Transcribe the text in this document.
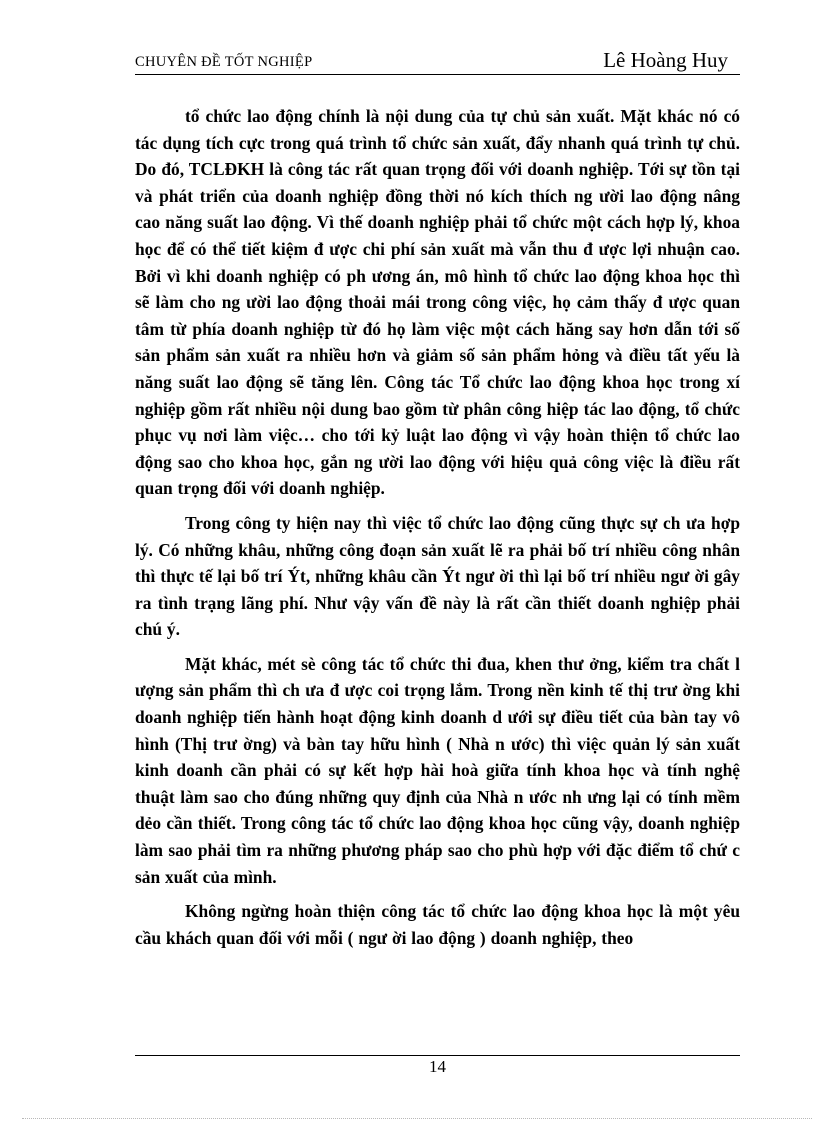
CHUYÊN ĐỀ TỐT NGHIỆP	Lê Hoàng Huy

tổ chức lao động chính là nội dung của tự chủ sản xuất. Mặt khác nó có tác dụng tích cực trong quá trình tổ chức sản xuất, đẩy nhanh quá trình tự chủ. Do đó, TCLĐKH là công tác rất quan trọng đối với doanh nghiệp. Tới sự tồn tại và phát triển của doanh nghiệp đồng thời nó kích thích ng ười lao động nâng cao năng suất lao động. Vì thế doanh nghiệp phải tổ chức một cách hợp lý, khoa học để có thể tiết kiệm đ ược chi phí sản xuất mà vẫn thu đ ược lợi nhuận cao. Bởi vì khi doanh nghiệp có ph ương án, mô hình tổ chức lao động khoa học thì sẽ làm cho ng ười lao động thoải mái trong công việc, họ cảm thấy đ ược quan tâm từ phía doanh nghiệp từ đó họ làm việc một cách hăng say hơn dẫn tới số sản phẩm sản xuất ra nhiều hơn và giảm số sản phẩm hỏng và điều tất yếu là năng suất lao động sẽ tăng lên. Công tác Tổ chức lao động khoa học trong xí nghiệp gồm rất nhiều nội dung bao gồm từ phân công hiệp tác lao động, tổ chức phục vụ nơi làm việc… cho tới kỷ luật lao động vì vậy hoàn thiện tổ chức lao động sao cho khoa học, gắn ng ười lao động với hiệu quả công việc là điều rất quan trọng đối với doanh nghiệp.

Trong công ty hiện nay thì việc tổ chức lao động cũng thực sự ch ưa hợp lý. Có những khâu, những công đoạn sản xuất lẽ ra phải bố trí nhiều công nhân thì thực tế lại bố trí Ýt, những khâu cần Ýt ngư ời thì lại bố trí nhiều ngư ời gây ra tình trạng lãng phí. Như vậy vấn đề này là rất cần thiết doanh nghiệp phải chú ý.

Mặt khác, mét sè công tác tổ chức thi đua, khen thư ởng, kiểm tra chất l ượng sản phẩm thì ch ưa đ ược coi trọng lắm. Trong nền kinh tế thị trư ờng khi doanh nghiệp tiến hành hoạt động kinh doanh d ưới sự điều tiết của bàn tay vô hình (Thị trư ờng) và bàn tay hữu hình ( Nhà n ước) thì việc quản lý sản xuất kinh doanh cần phải có sự kết hợp hài hoà giữa tính khoa học và tính nghệ thuật làm sao cho đúng những quy định của Nhà n ước nh ưng lại có tính mềm dẻo cần thiết. Trong công tác tổ chức lao động khoa học cũng vậy, doanh nghiệp làm sao phải tìm ra những phương pháp sao cho phù hợp với đặc điểm tổ chứ c sản xuất của mình.

Không ngừng hoàn thiện công tác tổ chức lao động khoa học là một yêu cầu khách quan đối với mỗi ( ngư ời lao động ) doanh nghiệp, theo

14
